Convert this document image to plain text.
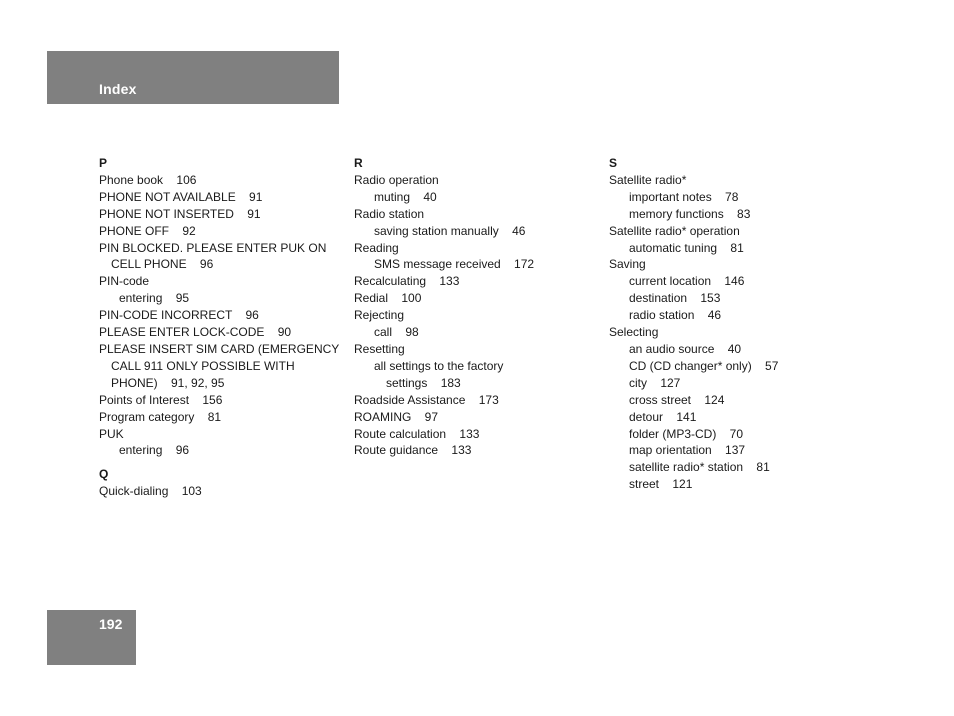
Index
P
Phone book    106
PHONE NOT AVAILABLE    91
PHONE NOT INSERTED    91
PHONE OFF    92
PIN BLOCKED. PLEASE ENTER PUK ON
CELL PHONE    96
PIN-code
entering    95
PIN-CODE INCORRECT    96
PLEASE ENTER LOCK-CODE    90
PLEASE INSERT SIM CARD (EMERGENCY
CALL 911 ONLY POSSIBLE WITH
PHONE)    91, 92, 95
Points of Interest    156
Program category    81
PUK
entering    96
Q
Quick-dialing    103
R
Radio operation
muting    40
Radio station
saving station manually    46
Reading
SMS message received    172
Recalculating    133
Redial    100
Rejecting
call    98
Resetting
all settings to the factory
settings    183
Roadside Assistance    173
ROAMING    97
Route calculation    133
Route guidance    133
S
Satellite radio*
important notes    78
memory functions    83
Satellite radio* operation
automatic tuning    81
Saving
current location    146
destination    153
radio station    46
Selecting
an audio source    40
CD (CD changer* only)    57
city    127
cross street    124
detour    141
folder (MP3-CD)    70
map orientation    137
satellite radio* station    81
street    121
192
